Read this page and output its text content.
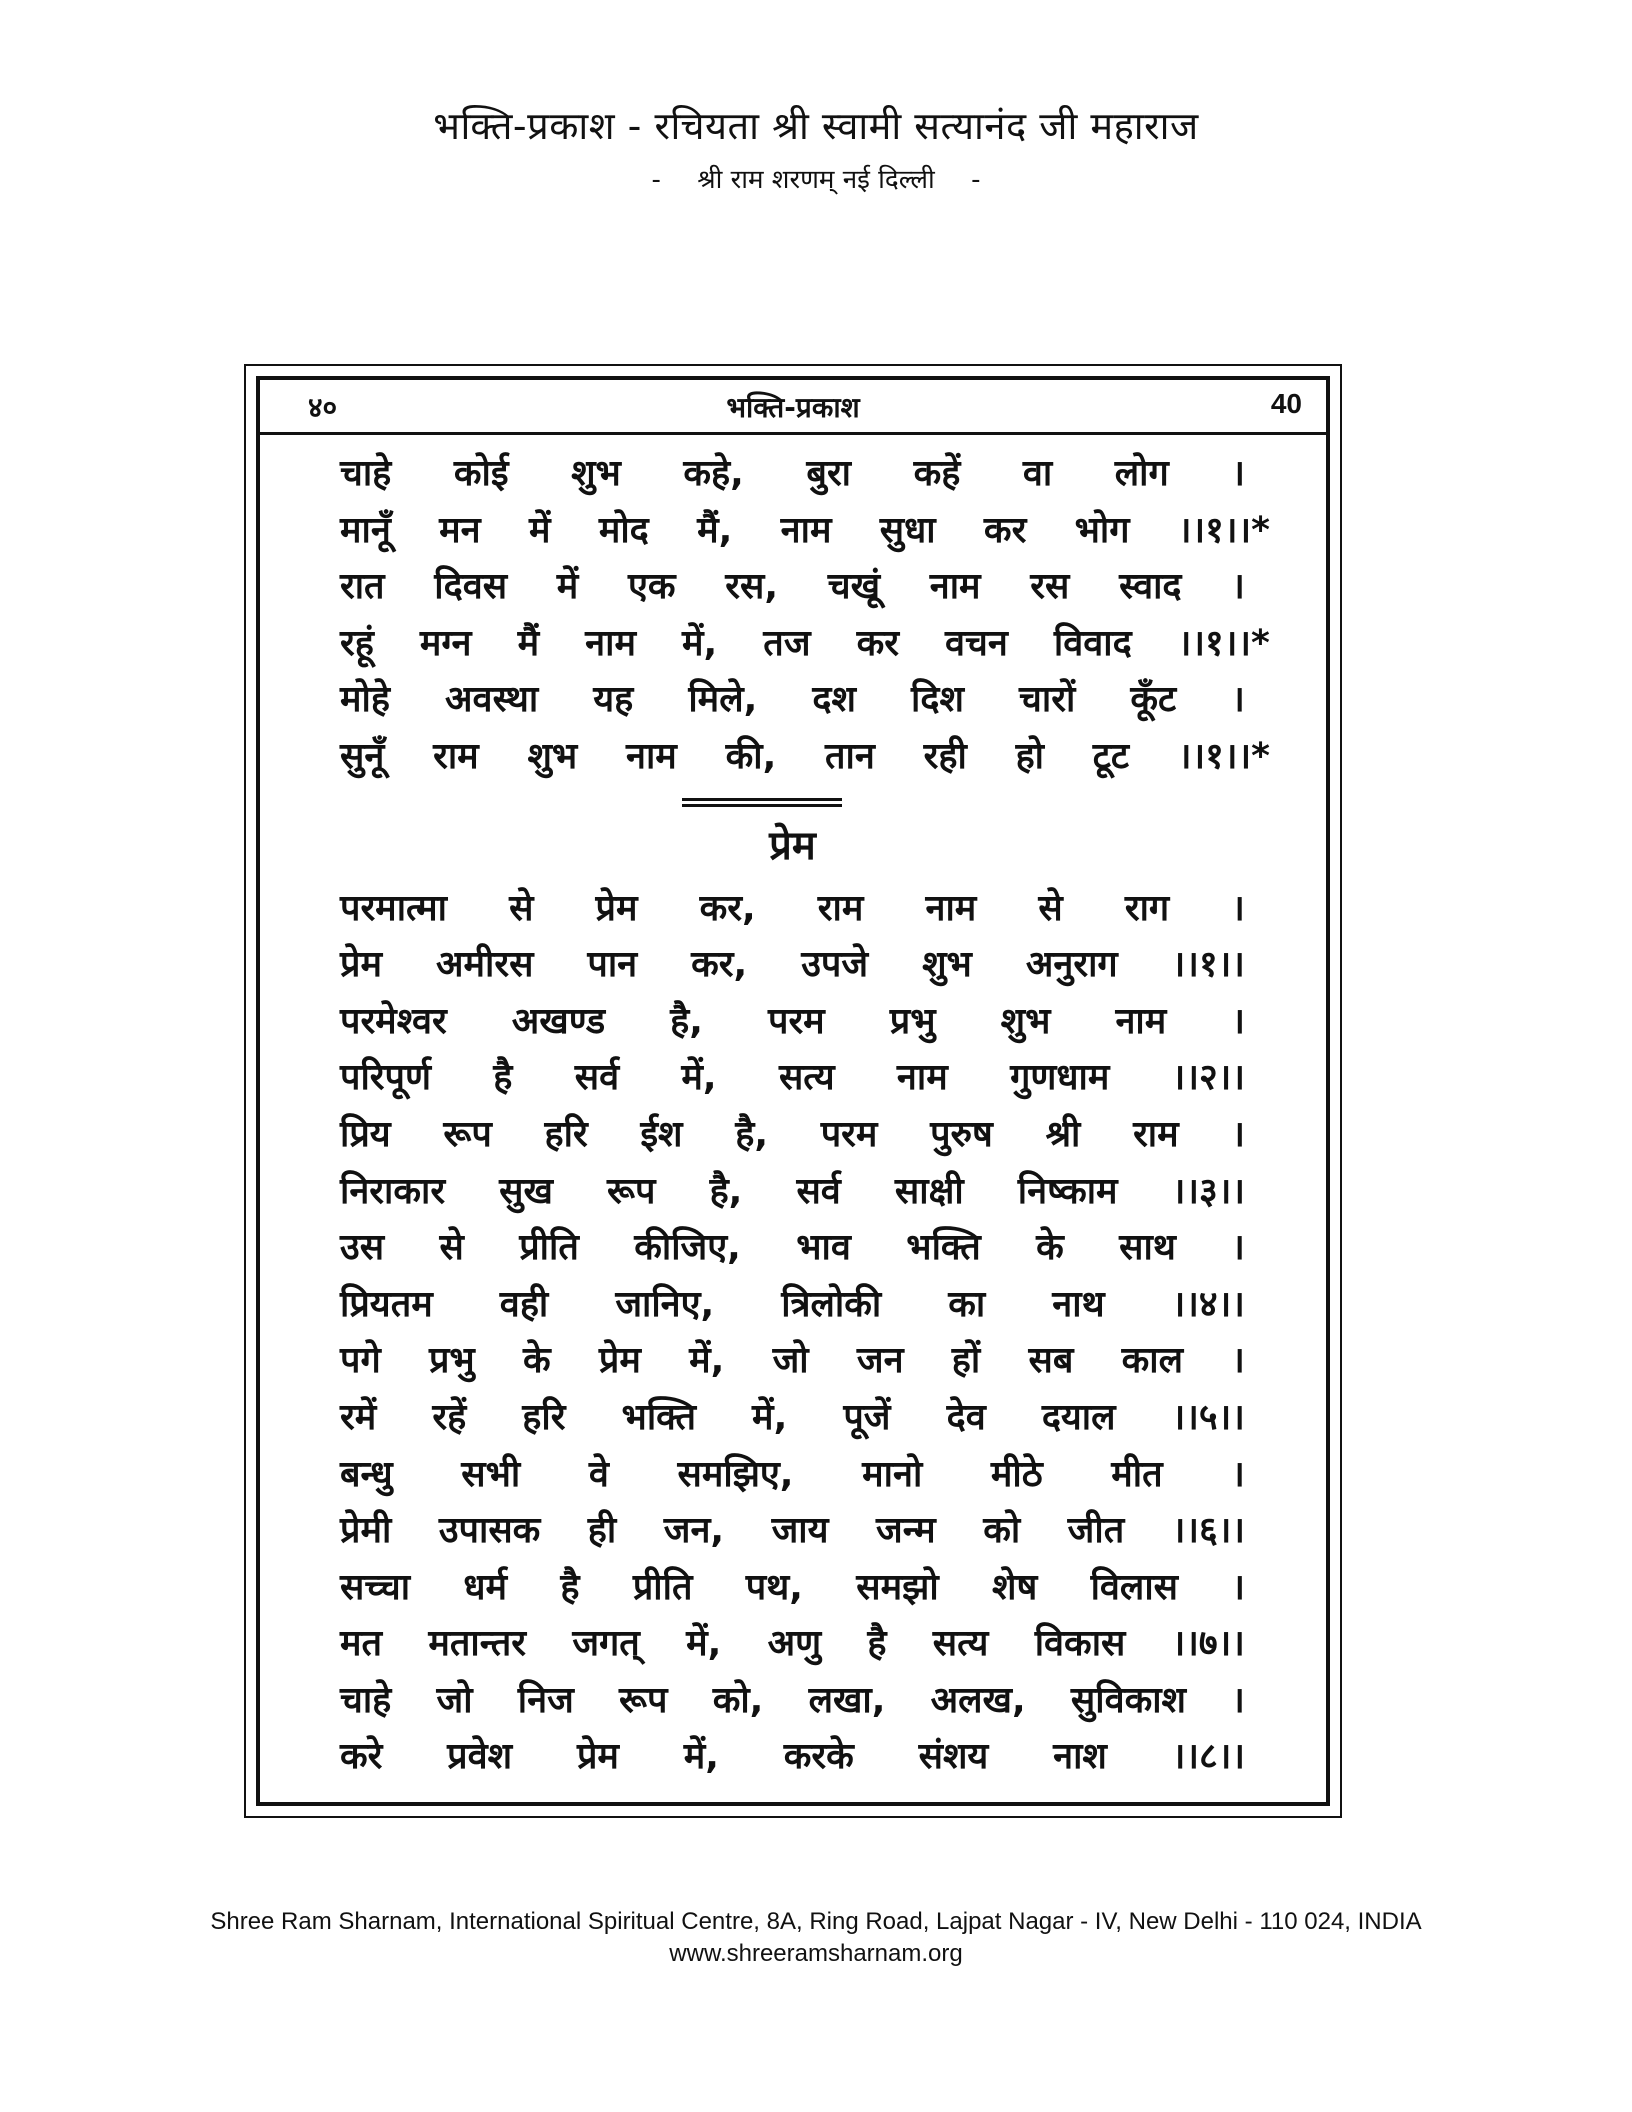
भक्ति-प्रकाश - रचियता श्री स्वामी सत्यानंद जी महाराज
- श्री राम शरणम् नई दिल्ली -
४०	भक्ति-प्रकाश	40
चाहे कोई शुभ कहे, बुरा कहें वा लोग ।
मानूँ मन में मोद मैं, नाम सुधा कर भोग ।।१।।*
रात दिवस में एक रस, चखूं नाम रस स्वाद ।
रहूं मग्न मैं नाम में, तज कर वचन विवाद ।।१।।*
मोहे अवस्था यह मिले, दश दिश चारों कूँट ।
सुनूँ राम शुभ नाम की, तान रही हो टूट ।।१।।*
प्रेम
परमात्मा से प्रेम कर, राम नाम से राग ।
प्रेम अमीरस पान कर, उपजे शुभ अनुराग ।।१।।
परमेश्वर अखण्ड है, परम प्रभु शुभ नाम ।
परिपूर्ण है सर्व में, सत्य नाम गुणधाम ।।२।।
प्रिय रूप हरि ईश है, परम पुरुष श्री राम ।
निराकार सुख रूप है, सर्व साक्षी निष्काम ।।३।।
उस से प्रीति कीजिए, भाव भक्ति के साथ ।
प्रियतम वही जानिए, त्रिलोकी का नाथ ।।४।।
पगे प्रभु के प्रेम में, जो जन हों सब काल ।
रमें रहें हरि भक्ति में, पूजें देव दयाल ।।५।।
बन्धु सभी वे समझिए, मानो मीठे मीत ।
प्रेमी उपासक ही जन, जाय जन्म को जीत ।।६।।
सच्चा धर्म है प्रीति पथ, समझो शेष विलास ।
मत मतान्तर जगत् में, अणु है सत्य विकास ।।७।।
चाहे जो निज रूप को, लखा, अलख, सुविकाश ।
करे प्रवेश प्रेम में, करके संशय नाश ।।८।।
Shree Ram Sharnam, International Spiritual Centre, 8A, Ring Road, Lajpat Nagar - IV, New Delhi - 110 024, INDIA
www.shreeramsharnam.org
